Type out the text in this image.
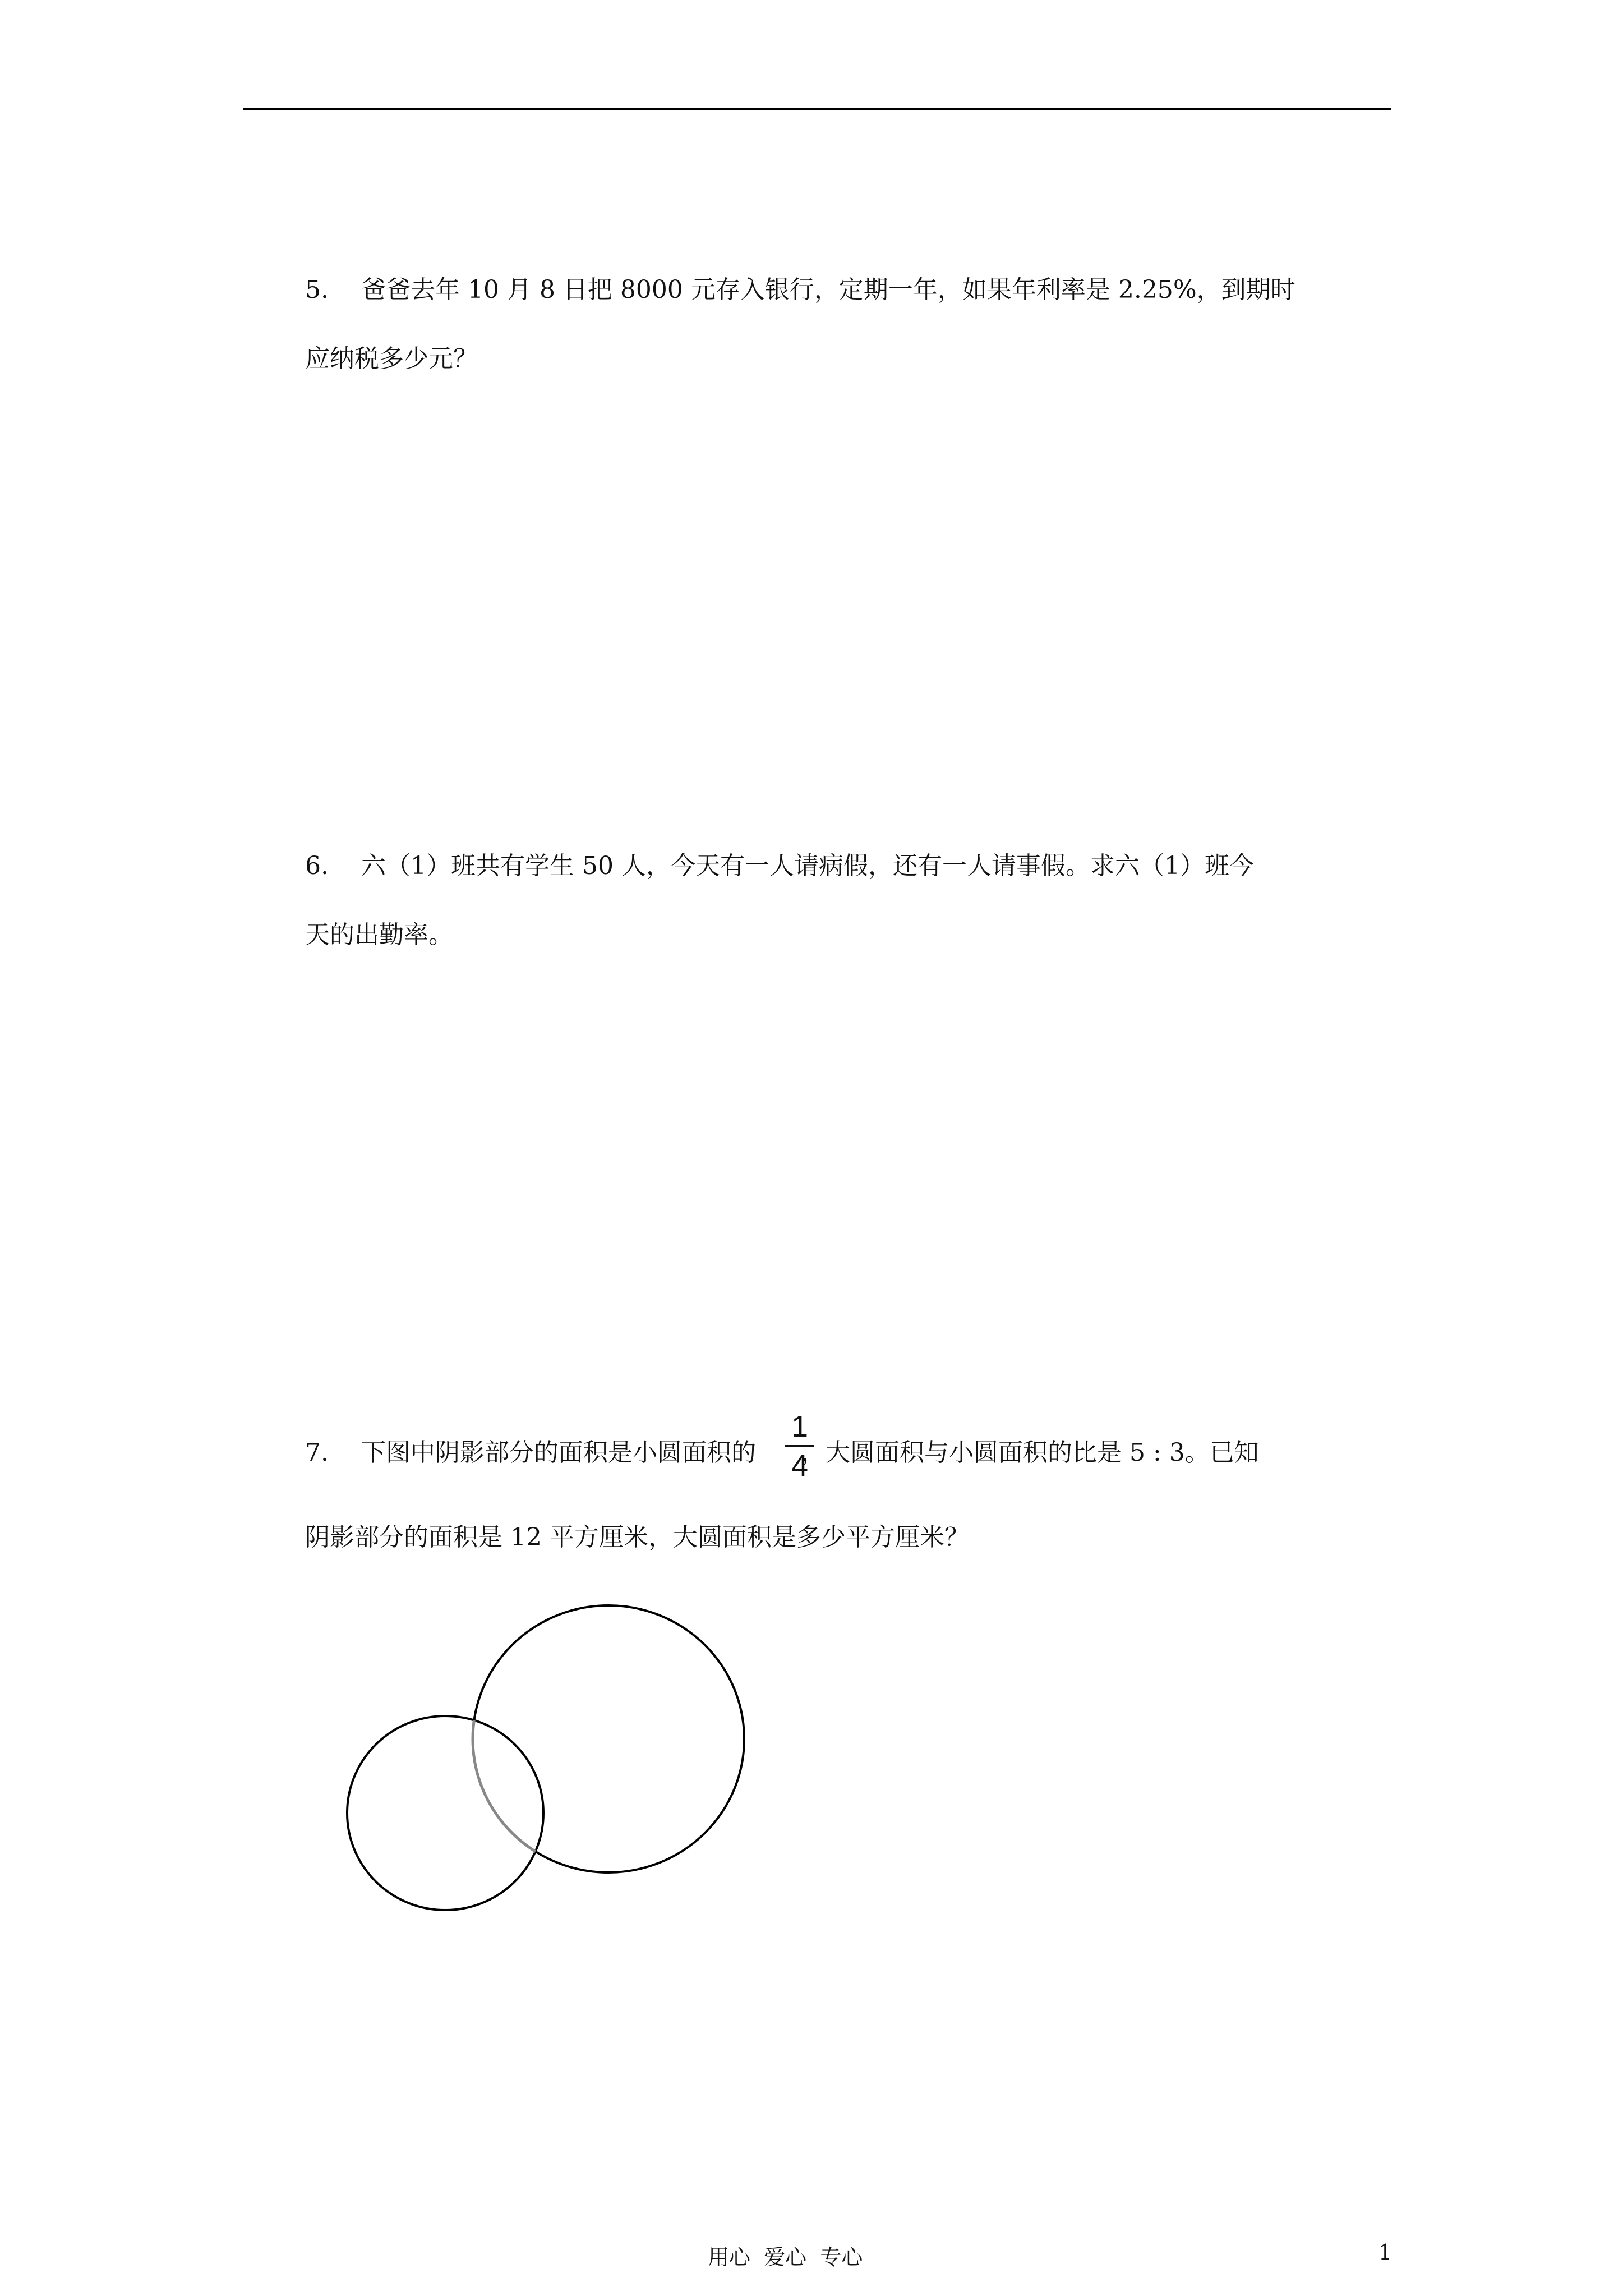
5. 爸爸去年 10 月 8 日把 8000 元存入银行，定期一年，如果年利率是 2.25%，到期时
应纳税多少元？
6. 六（1）班共有学生 50 人，今天有一人请病假，还有一人请事假。求六（1）班今
天的出勤率。
7. 下图中阴影部分的面积是小圆面积的 ，大圆面积与小圆面积的比是 5 : 3。已知
1
4
阴影部分的面积是 12 平方厘米，大圆面积是多少平方厘米？
用心  爱心  专心	1
